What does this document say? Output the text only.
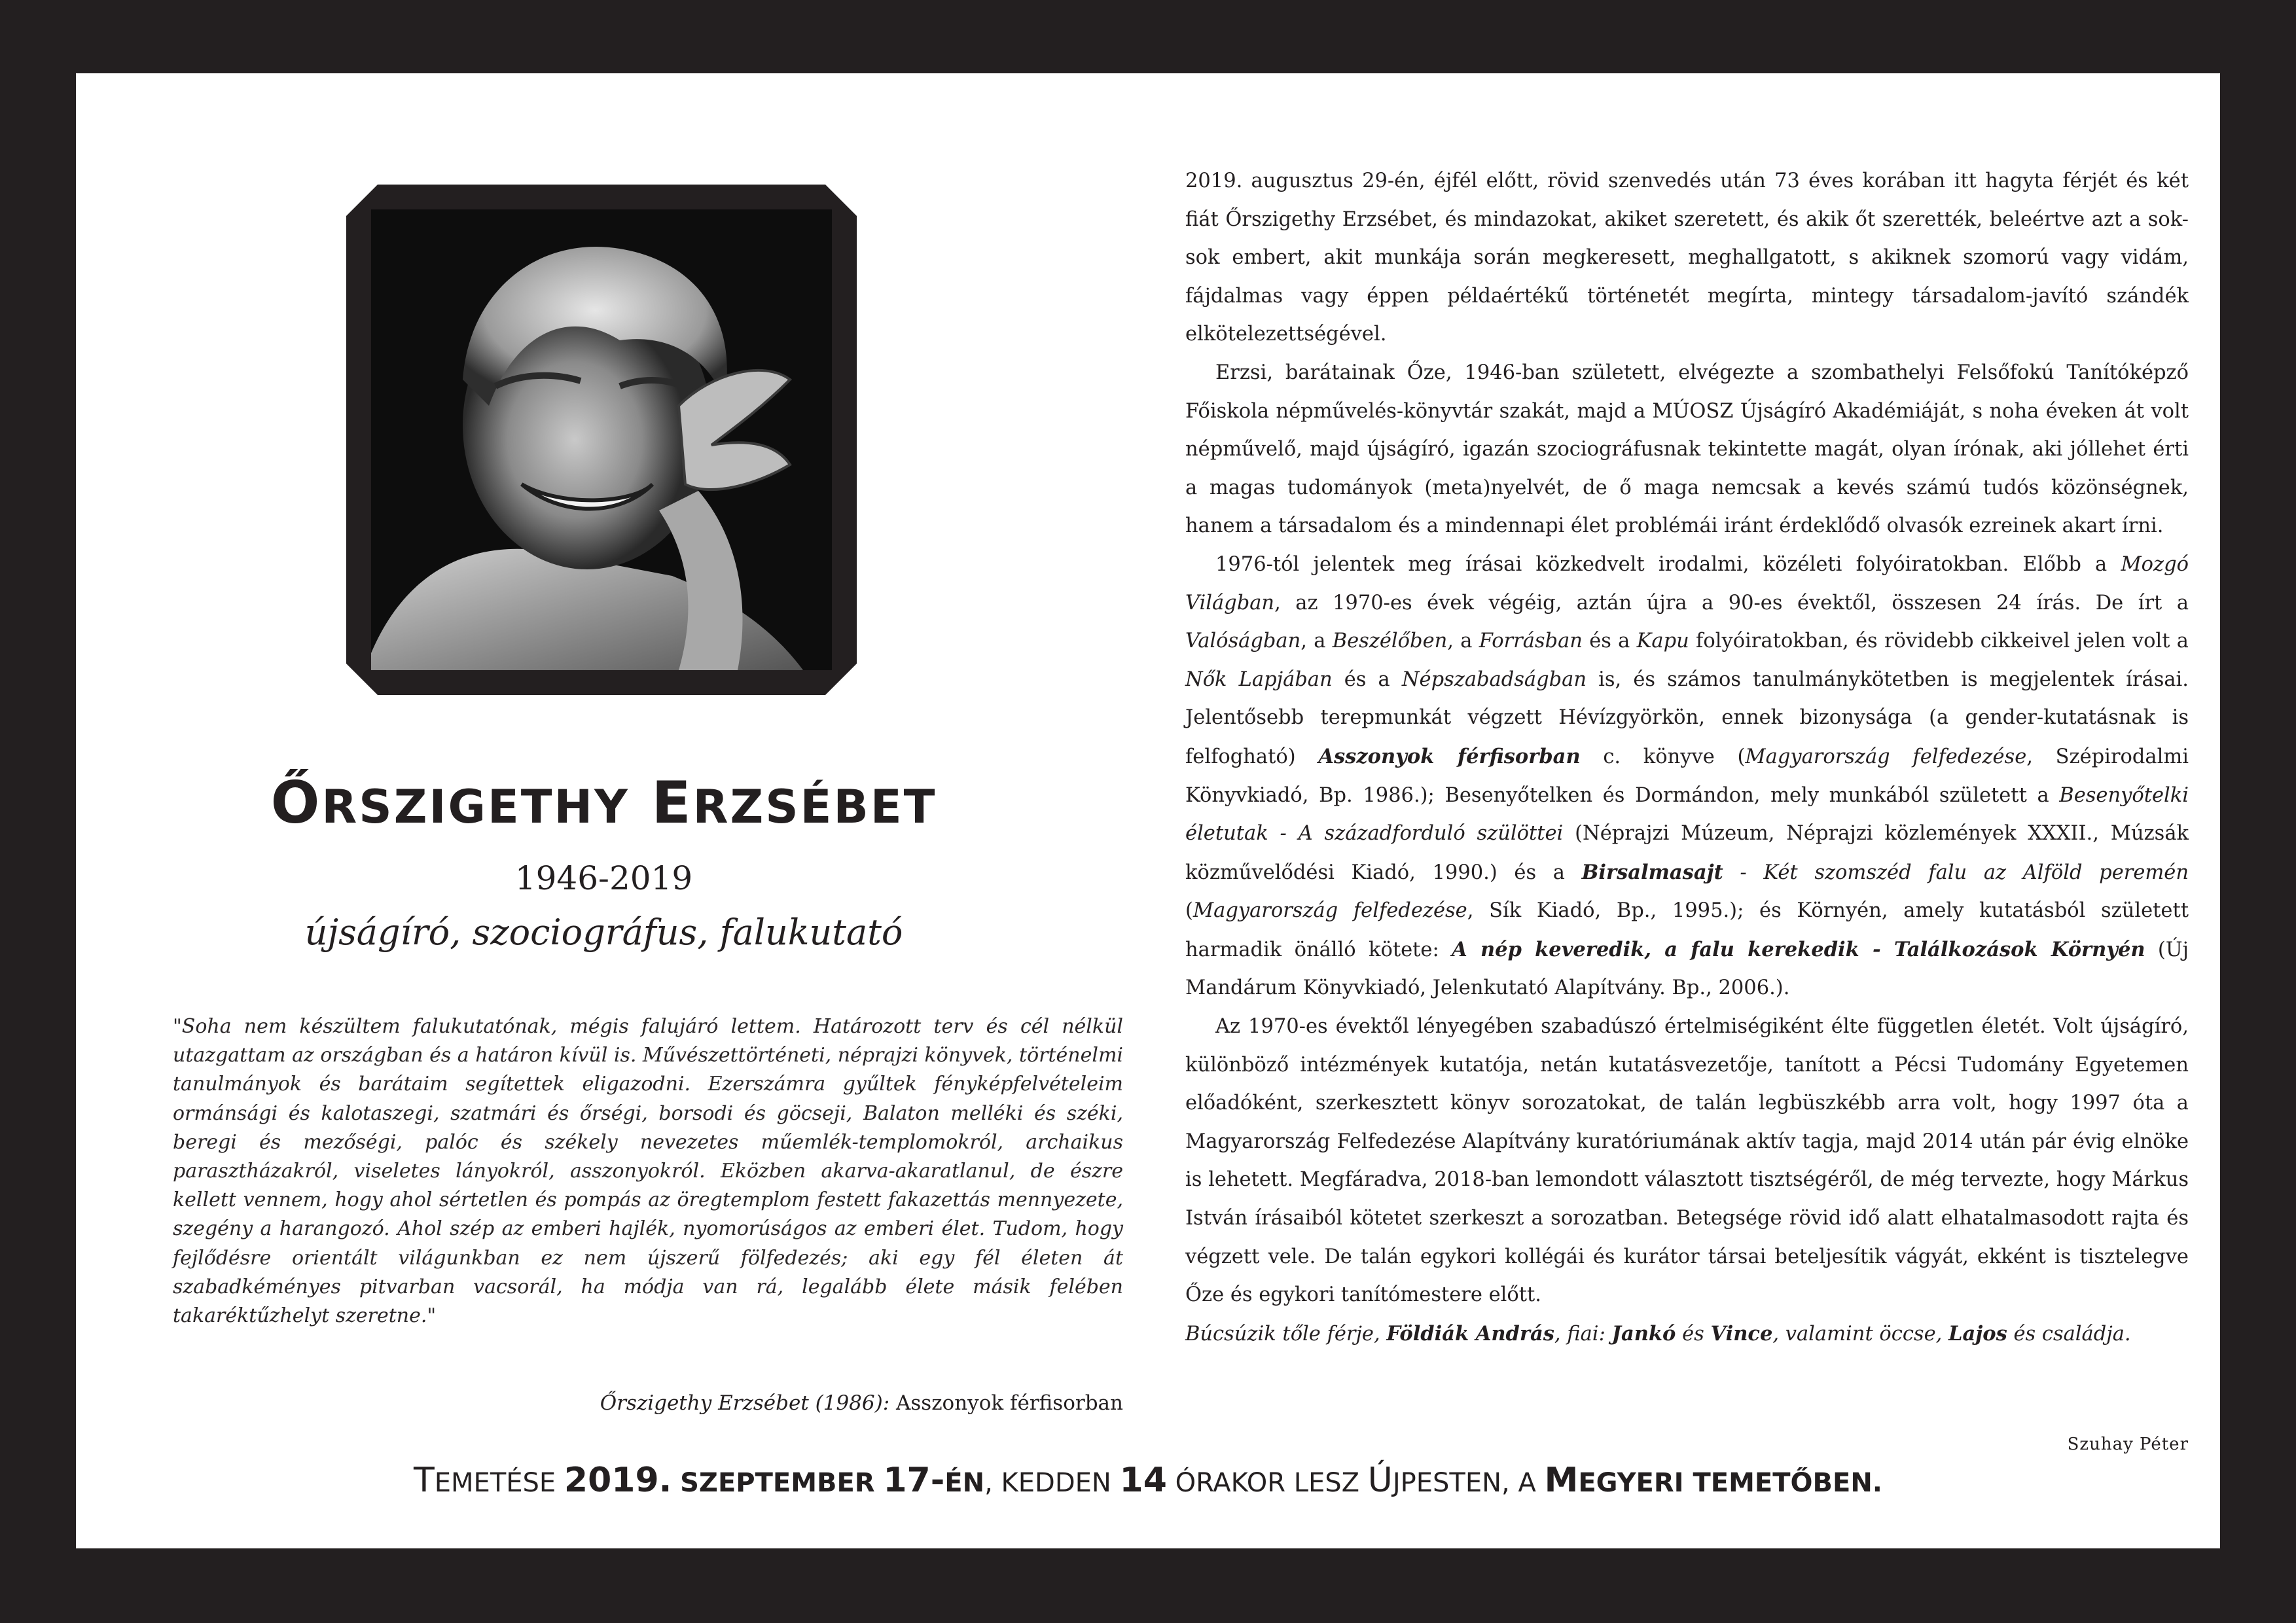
ŐRSZIGETHY ERZSÉBET
1946-2019
újságíró, szociográfus, falukutató
"Soha nem készültem falukutatónak, mégis falujáró lettem. Határozott terv és cél nélkül utazgattam az országban és a határon kívül is. Művészettörténeti, néprajzi könyvek, történelmi tanulmányok és barátaim segítettek eligazodni. Ezerszámra gyűltek fényképfelvételeim ormánsági és kalotaszegi, szatmári és őrségi, borsodi és göcseji, Balaton melléki és széki, beregi és mezőségi, palóc és székely nevezetes műemlék-templomokról, archaikus parasztházakról, viseletes lányokról, asszonyokról. Eközben akarva-akaratlanul, de észre kellett vennem, hogy ahol sértetlen és pompás az öregtemplom festett fakazettás mennyezete, szegény a harangozó. Ahol szép az emberi hajlék, nyomorúságos az emberi élet. Tudom, hogy fejlődésre orientált világunkban ez nem újszerű fölfedezés; aki egy fél életen át szabadkéményes pitvarban vacsorál, ha módja van rá, legalább élete másik felében takaréktűzhelyt szeretne."
Őrszigethy Erzsébet (1986): Asszonyok férfisorban

2019. augusztus 29-én, éjfél előtt, rövid szenvedés után 73 éves korában itt hagyta férjét és két fiát Őrszigethy Erzsébet, és mindazokat, akiket szeretett, és akik őt szerették, beleértve azt a sok-sok embert, akit munkája során megkeresett, meghallgatott, s akiknek szomorú vagy vidám, fájdalmas vagy éppen példaértékű történetét megírta, mintegy társadalom-javító szándék elkötelezettségével.

Erzsi, barátainak Őze, 1946-ban született, elvégezte a szombathelyi Felsőfokú Tanítóképző Főiskola népművelés-könyvtár szakát, majd a MÚOSZ Újságíró Akadémiáját, s noha éveken át volt népművelő, majd újságíró, igazán szociográfusnak tekintette magát, olyan írónak, aki jóllehet érti a magas tudományok (meta)nyelvét, de ő maga nemcsak a kevés számú tudós közönségnek, hanem a társadalom és a mindennapi élet problémái iránt érdeklődő olvasók ezreinek akart írni.

1976-tól jelentek meg írásai közkedvelt irodalmi, közéleti folyóiratokban. Előbb a Mozgó Világban, az 1970-es évek végéig, aztán újra a 90-es évektől, összesen 24 írás. De írt a Valóságban, a Beszélőben, a Forrásban és a Kapu folyóiratokban, és rövidebb cikkeivel jelen volt a Nők Lapjában és a Népszabadságban is, és számos tanulmánykötetben is megjelentek írásai. Jelentősebb terepmunkát végzett Hévízgyörkön, ennek bizonysága (a gender-kutatásnak is felfogható) Asszonyok férfisorban c. könyve (Magyarország felfedezése, Szépirodalmi Könyvkiadó, Bp. 1986.); Besenyőtelken és Dormándon, mely munkából született a Besenyőtelki életutak - A századforduló szülöttei (Néprajzi Múzeum, Néprajzi közlemények XXXII., Múzsák közművelődési Kiadó, 1990.) és a Birsalmasajt - Két szomszéd falu az Alföld peremén (Magyarország felfedezése, Sík Kiadó, Bp., 1995.); és Környén, amely kutatásból született harmadik önálló kötete: A nép keveredik, a falu kerekedik - Találkozások Környén (Új Mandárum Könyvkiadó, Jelenkutató Alapítvány. Bp., 2006.).

Az 1970-es évektől lényegében szabadúszó értelmiségiként élte független életét. Volt újságíró, különböző intézmények kutatója, netán kutatásvezetője, tanított a Pécsi Tudomány Egyetemen előadóként, szerkesztett könyv sorozatokat, de talán legbüszkébb arra volt, hogy 1997 óta a Magyarország Felfedezése Alapítvány kuratóriumának aktív tagja, majd 2014 után pár évig elnöke is lehetett. Megfáradva, 2018-ban lemondott választott tisztségéről, de még tervezte, hogy Márkus István írásaiból kötetet szerkeszt a sorozatban. Betegsége rövid idő alatt elhatalmasodott rajta és végzett vele. De talán egykori kollégái és kurátor társai beteljesítik vágyát, ekként is tisztelegve Őze és egykori tanítómestere előtt.

Búcsúzik tőle férje, Földiák András, fiai: Jankó és Vince, valamint öccse, Lajos és családja.

Szuhay Péter
TEMETÉSE 2019. SZEPTEMBER 17-ÉN, KEDDEN 14 ÓRAKOR LESZ ÚJPESTEN, A MEGYERI TEMETŐBEN.
